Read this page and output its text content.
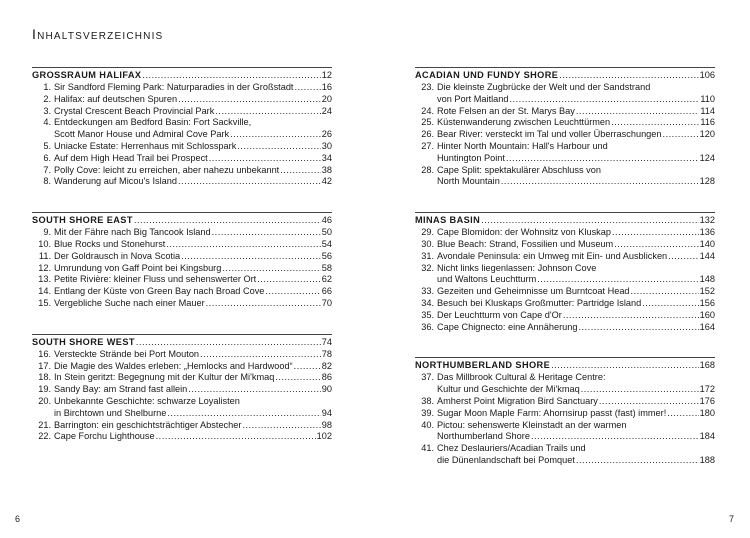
Inhaltsverzeichnis
GROSSRAUM HALIFAX .....	12
1. Sir Sandford Fleming Park: Naturparadies in der Großstadt .....	16
2. Halifax: auf deutschen Spuren .....	20
3. Crystal Crescent Beach Provincial Park .....	24
4. Entdeckungen am Bedford Basin: Fort Sackville,
Scott Manor House und Admiral Cove Park .....	26
5. Uniacke Estate: Herrenhaus mit Schlosspark .....	30
6. Auf dem High Head Trail bei Prospect .....	34
7. Polly Cove: leicht zu erreichen, aber nahezu unbekannt .....	38
8. Wanderung auf Micou's Island .....	42
SOUTH SHORE EAST .....	46
9. Mit der Fähre nach Big Tancook Island .....	50
10. Blue Rocks und Stonehurst .....	54
11. Der Goldrausch in Nova Scotia .....	56
12. Umrundung von Gaff Point bei Kingsburg .....	58
13. Petite Rivière: kleiner Fluss und sehenswerter Ort .....	62
14. Entlang der Küste von Green Bay nach Broad Cove .....	66
15. Vergebliche Suche nach einer Mauer .....	70
SOUTH SHORE WEST .....	74
16. Versteckte Strände bei Port Mouton .....	78
17. Die Magie des Waldes erleben: „Hemlocks and Hardwood“ .....	82
18. In Stein geritzt: Begegnung mit der Kultur der Mi'kmaq .....	86
19. Sandy Bay: am Strand fast allein .....	90
20. Unbekannte Geschichte: schwarze Loyalisten
in Birchtown und Shelburne .....	94
21. Barrington: ein geschichtsträchtiger Abstecher .....	98
22. Cape Forchu Lighthouse .....	102
ACADIAN UND FUNDY SHORE .....	106
23. Die kleinste Zugbrücke der Welt und der Sandstrand
von Port Maitland .....	110
24. Rote Felsen an der St. Marys Bay .....	114
25. Küstenwanderung zwischen Leuchttürmen .....	116
26. Bear River: versteckt im Tal und voller Überraschungen .....	120
27. Hinter North Mountain: Hall's Harbour und
Huntington Point .....	124
28. Cape Split: spektakulärer Abschluss von
North Mountain .....	128
MINAS BASIN .....	132
29. Cape Blomidon: der Wohnsitz von Kluskap .....	136
30. Blue Beach: Strand, Fossilien und Museum .....	140
31. Avondale Peninsula: ein Umweg mit Ein- und Ausblicken .....	144
32. Nicht links liegenlassen: Johnson Cove
und Waltons Leuchtturm .....	148
33. Gezeiten und Geheimnisse um Burntcoat Head .....	152
34. Besuch bei Kluskaps Großmutter: Partridge Island .....	156
35. Der Leuchtturm von Cape d'Or .....	160
36. Cape Chignecto: eine Annäherung .....	164
NORTHUMBERLAND SHORE .....	168
37. Das Millbrook Cultural & Heritage Centre:
Kultur und Geschichte der Mi'kmaq .....	172
38. Amherst Point Migration Bird Sanctuary .....	176
39. Sugar Moon Maple Farm: Ahornsirup passt (fast) immer! .....	180
40. Pictou: sehenswerte Kleinstadt an der warmen
Northumberland Shore .....	184
41. Chez Deslauriers/Acadian Trails und
die Dünenlandschaft bei Pomquet .....	188
6	7
